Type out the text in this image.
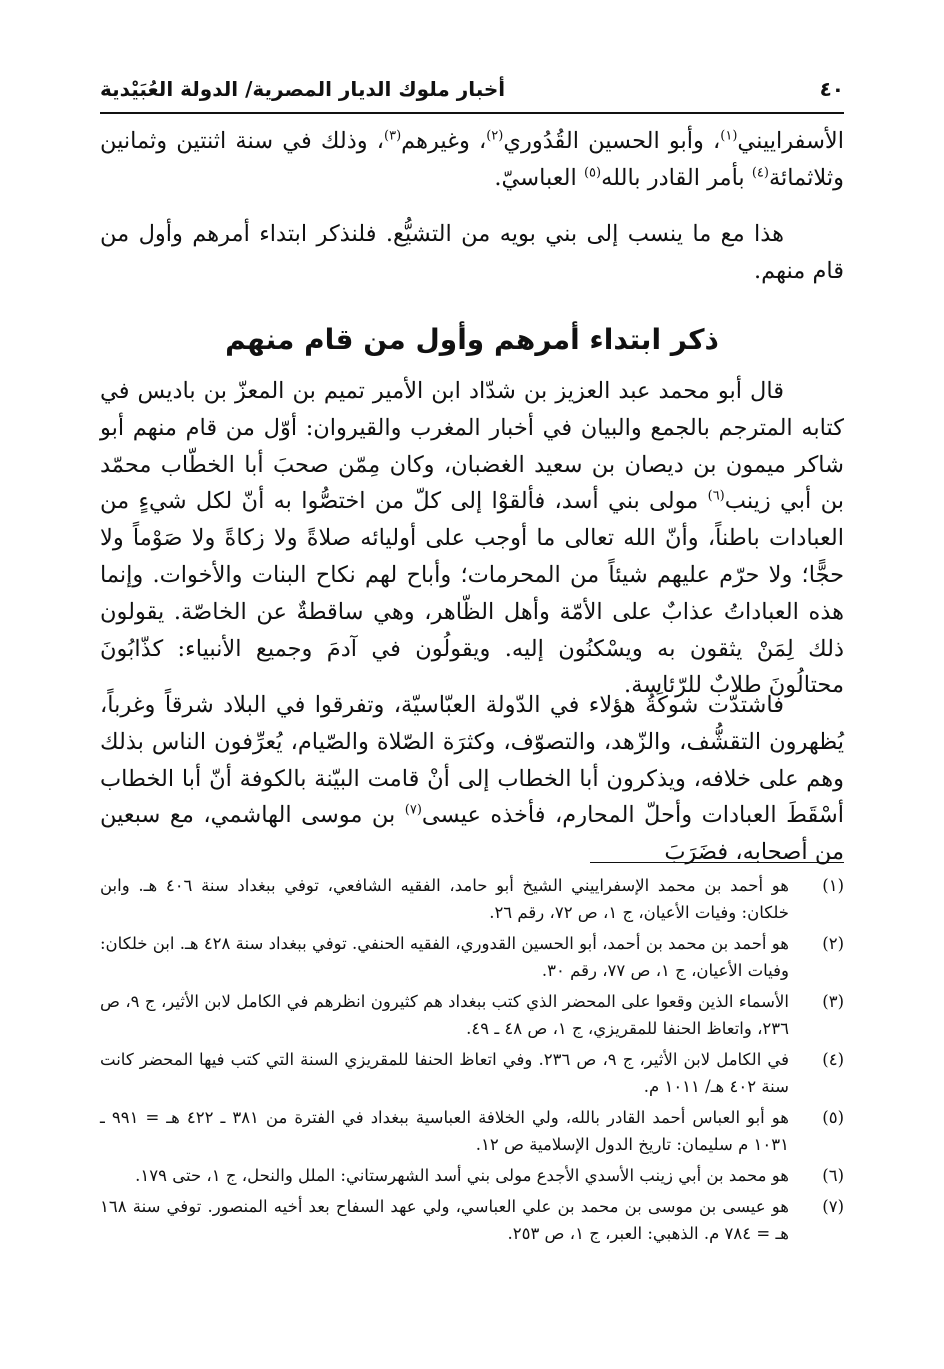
٤٠
أخبار ملوك الديار المصرية/ الدولة العُبَيْدية
الأسفراييني$^{(١)}$، وأبو الحسين القُدُوري$^{(٢)}$، وغيرهم$^{(٣)}$، وذلك في سنة اثنتين وثمانين وثلاثمائة$^{(٤)}$ بأمر القادر بالله$^{(٥)}$ العباسيّ.
هذا مع ما ينسب إلى بني بويه من التشيُّع. فلنذكر ابتداء أمرهم وأول من قام منهم.
ذكر ابتداء أمرهم وأول من قام منهم
قال أبو محمد عبد العزيز بن شدّاد ابن الأمير تميم بن المعزّ بن باديس في كتابه المترجم بالجمع والبيان في أخبار المغرب والقيروان: أوّل من قام منهم أبو شاكر ميمون بن ديصان بن سعيد الغضبان، وكان مِمّن صحبَ أبا الخطّاب محمّد بن أبي زينب$^{(٦)}$ مولى بني أسد، فألقوْا إلى كلّ من اختصُّوا به أنّ لكل شيءٍ من العبادات باطناً، وأنّ الله تعالى ما أوجب على أوليائه صلاةً ولا زكاةً ولا صَوْماً ولا حجًّا؛ ولا حرّم عليهم شيئاً من المحرمات؛ وأباح لهم نكاح البنات والأخوات. وإنما هذه العباداتُ عذابٌ على الأمّة وأهل الظّاهر، وهي ساقطةٌ عن الخاصّة. يقولون ذلك لِمَنْ يثقون به ويسْكنُون إليه. ويقولُون في آدمَ وجميع الأنبياء: كذّابُونَ محتالُونَ طلابٌ للرّئاسة.
فاشتدّت شوكَةُ هؤلاء في الدّولة العبّاسيّة، وتفرقوا في البلاد شرقاً وغرباً، يُظهرون التقشُّف، والزّهد، والتصوّف، وكثرَة الصّلاة والصّيام، يُعرِّفون الناس بذلك وهم على خلافه، ويذكرون أبا الخطاب إلى أنْ قامت البيّنة بالكوفة أنّ أبا الخطاب أسْقَطَ العبادات وأحلّ المحارم، فأخذه عيسى$^{(٧)}$ بن موسى الهاشمي، مع سبعين من أصحابه، فضَرَبَ
(١)
هو أحمد بن محمد الإسفراييني الشيخ أبو حامد، الفقيه الشافعي، توفي ببغداد سنة ٤٠٦ هـ. وابن خلكان: وفيات الأعيان، ج ١، ص ٧٢، رقم ٢٦.
(٢)
هو أحمد بن محمد بن أحمد، أبو الحسين القدوري، الفقيه الحنفي. توفي ببغداد سنة ٤٢٨ هـ. ابن خلكان: وفيات الأعيان، ج ١، ص ٧٧، رقم ٣٠.
(٣)
الأسماء الذين وقعوا على المحضر الذي كتب ببغداد هم كثيرون انظرهم في الكامل لابن الأثير، ج ٩، ص ٢٣٦، واتعاظ الحنفا للمقريزي، ج ١، ص ٤٨ ـ ٤٩.
(٤)
في الكامل لابن الأثير، ج ٩، ص ٢٣٦. وفي اتعاظ الحنفا للمقريزي السنة التي كتب فيها المحضر كانت سنة ٤٠٢ هـ/ ١٠١١ م.
(٥)
هو أبو العباس أحمد القادر بالله، ولي الخلافة العباسية ببغداد في الفترة من ٣٨١ ـ ٤٢٢ هـ = ٩٩١ ـ ١٠٣١ م سليمان: تاريخ الدول الإسلامية ص ١٢.
(٦)
هو محمد بن أبي زينب الأسدي الأجدع مولى بني أسد الشهرستاني: الملل والنحل، ج ١، حتى ١٧٩.
(٧)
هو عيسى بن موسى بن محمد بن علي العباسي، ولي عهد السفاح بعد أخيه المنصور. توفي سنة ١٦٨ هـ = ٧٨٤ م. الذهبي: العبر، ج ١، ص ٢٥٣.
